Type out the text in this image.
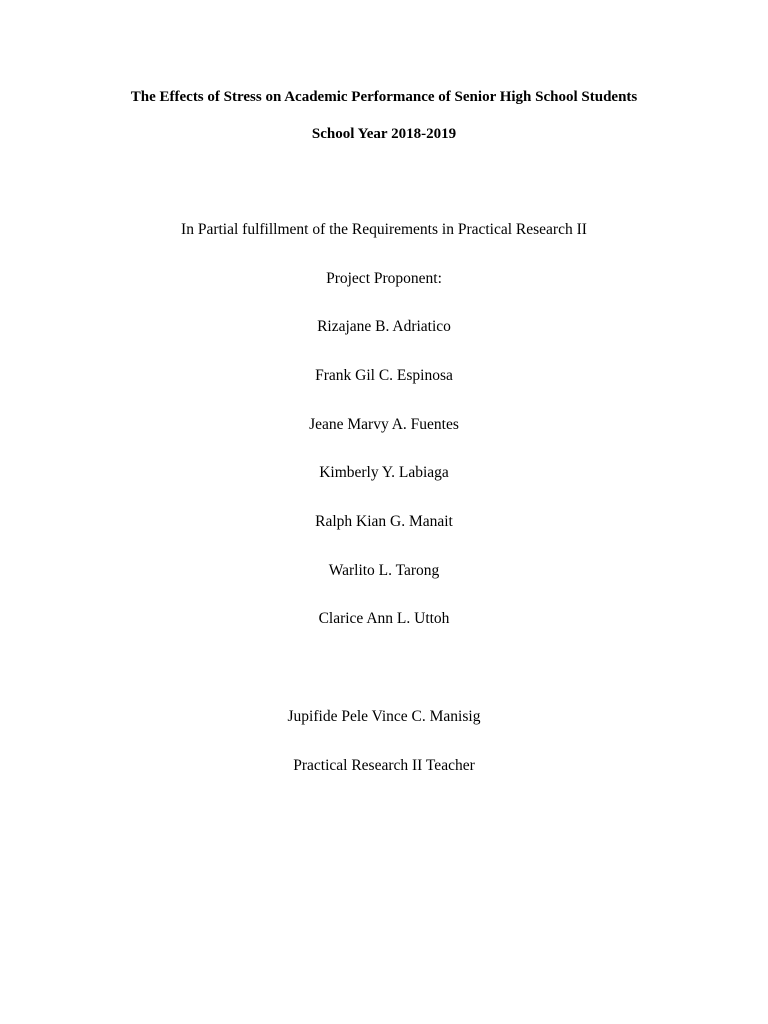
The Effects of Stress on Academic Performance of Senior High School Students
School Year 2018-2019
In Partial fulfillment of the Requirements in Practical Research II
Project Proponent:
Rizajane B. Adriatico
Frank Gil C. Espinosa
Jeane Marvy A. Fuentes
Kimberly Y. Labiaga
Ralph Kian G. Manait
Warlito L. Tarong
Clarice Ann L. Uttoh
Jupifide Pele Vince C. Manisig
Practical Research II Teacher
